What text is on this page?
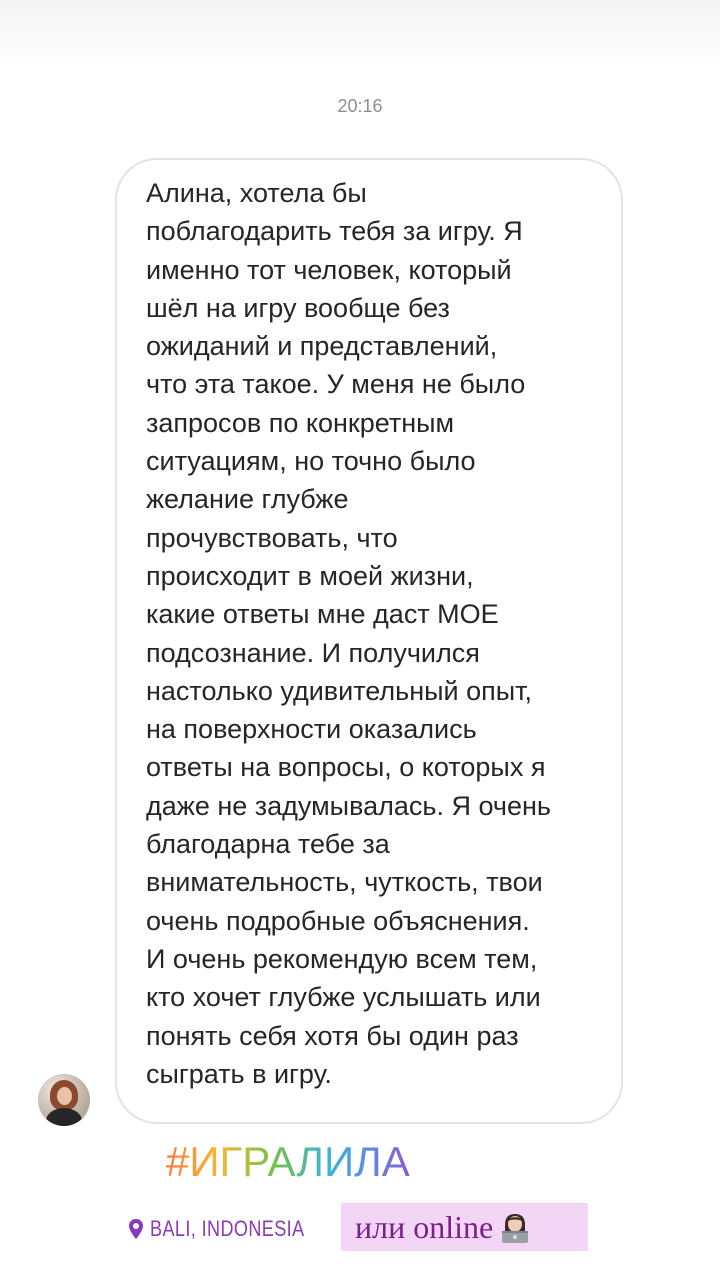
20:16

Алина, хотела бы
поблагодарить тебя за игру. Я
именно тот человек, который
шёл на игру вообще без
ожиданий и представлений,
что эта такое. У меня не было
запросов по конкретным
ситуациям, но точно было
желание глубже
прочувствовать, что
происходит в моей жизни,
какие ответы мне даст МОЕ
подсознание. И получился
настолько удивительный опыт,
на поверхности оказались
ответы на вопросы, о которых я
даже не задумывалась. Я очень
благодарна тебе за
внимательность, чуткость, твои
очень подробные объяснения.
И очень рекомендую всем тем,
кто хочет глубже услышать или
понять себя хотя бы один раз
сыграть в игру.

#ИГРАЛИЛА
BALI, INDONESIA или online
